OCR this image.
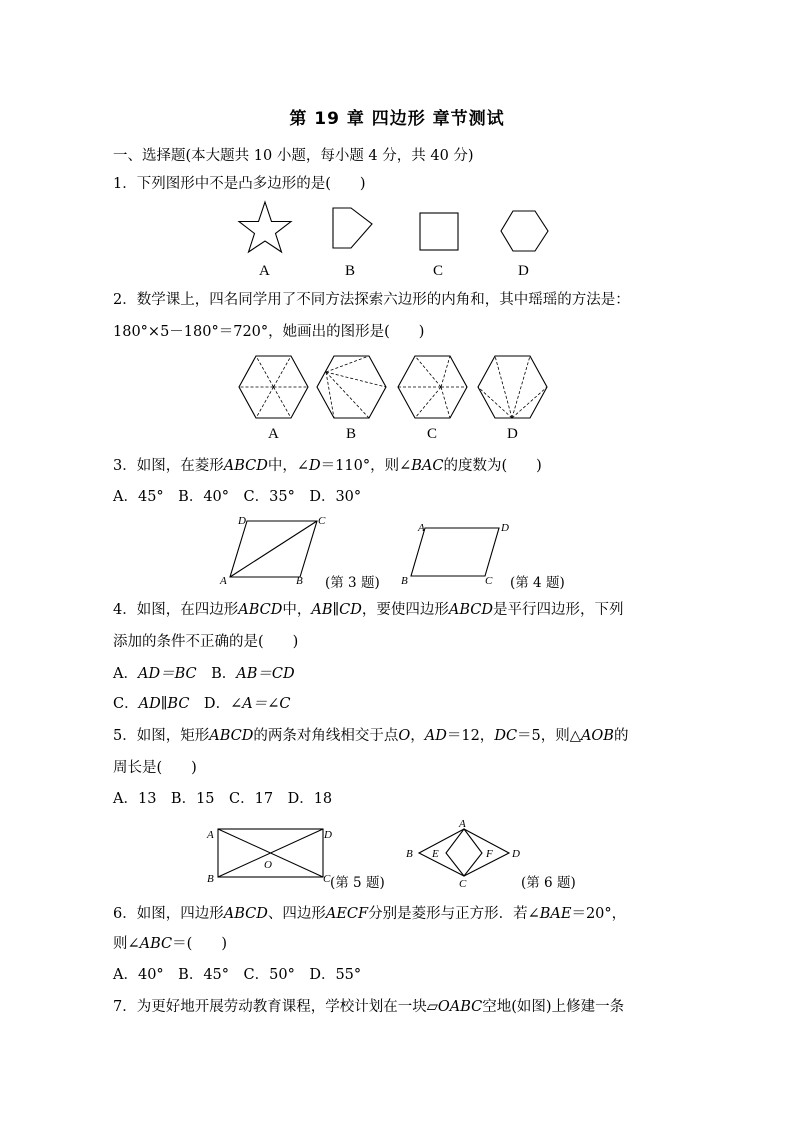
第 19 章 四边形 章节测试
一、选择题(本大题共 10 小题，每小题 4 分，共 40 分)
1．下列图形中不是凸多边形的是(　　)
A	B	C	D
2．数学课上，四名同学用了不同方法探索六边形的内角和，其中瑶瑶的方法是：
180°×5－180°＝720°，她画出的图形是(　　)
A	B	C	D
3．如图，在菱形ABCD中，∠D＝110°，则∠BAC的度数为(　　)
A．45°　B．40°　C．35°　D．30°
A	B
C
D
(第 3 题)
A
B	C
D
(第 4 题)
4．如图，在四边形ABCD中，AB∥CD，要使四边形ABCD是平行四边形，下列
添加的条件不正确的是(　　)
A．AD＝BC　B．AB＝CD
C．AD∥BC　D．∠A＝∠C
5．如图，矩形ABCD的两条对角线相交于点O，AD＝12，DC＝5，则△AOB的
周长是(　　)
A．13　B．15　C．17　D．18
A
B	C
D
O
(第 5 题)
A
B
C
D
E	F
(第 6 题)
6．如图，四边形ABCD、四边形AECF分别是菱形与正方形．若∠BAE＝20°，
则∠ABC＝(　　)
A．40°　B．45°　C．50°　D．55°
7．为更好地开展劳动教育课程，学校计划在一块▱OABC空地(如图)上修建一条
